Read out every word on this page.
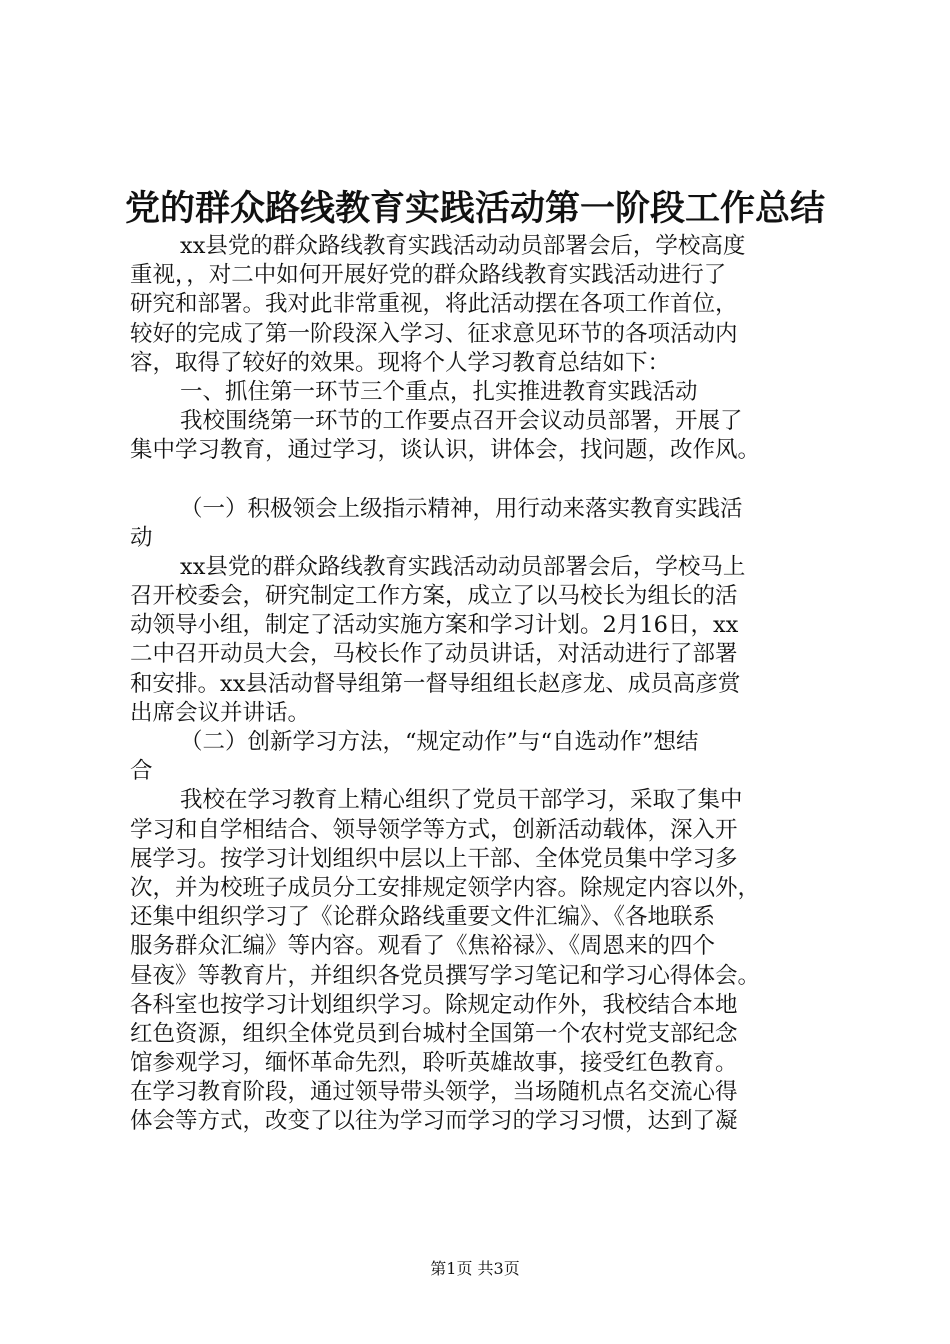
党的群众路线教育实践活动第一阶段工作总结
xx县党的群众路线教育实践活动动员部署会后，学校高度
重视，，对二中如何开展好党的群众路线教育实践活动进行了
研究和部署。我对此非常重视，将此活动摆在各项工作首位，
较好的完成了第一阶段深入学习、征求意见环节的各项活动内
容，取得了较好的效果。现将个人学习教育总结如下：
一、抓住第一环节三个重点，扎实推进教育实践活动
我校围绕第一环节的工作要点召开会议动员部署，开展了
集中学习教育，通过学习，谈认识，讲体会，找问题，改作风。
（一）积极领会上级指示精神，用行动来落实教育实践活
动
xx县党的群众路线教育实践活动动员部署会后，学校马上
召开校委会，研究制定工作方案，成立了以马校长为组长的活
动领导小组，制定了活动实施方案和学习计划。2月16日，xx
二中召开动员大会，马校长作了动员讲话，对活动进行了部署
和安排。xx县活动督导组第一督导组组长赵彦龙、成员高彦赏
出席会议并讲话。
（二）创新学习方法，“规定动作”与“自选动作”想结
合
我校在学习教育上精心组织了党员干部学习，采取了集中
学习和自学相结合、领导领学等方式，创新活动载体，深入开
展学习。按学习计划组织中层以上干部、全体党员集中学习多
次，并为校班子成员分工安排规定领学内容。除规定内容以外，
还集中组织学习了《论群众路线重要文件汇编》、《各地联系
服务群众汇编》等内容。观看了《焦裕禄》、《周恩来的四个
昼夜》等教育片，并组织各党员撰写学习笔记和学习心得体会。
各科室也按学习计划组织学习。除规定动作外，我校结合本地
红色资源，组织全体党员到台城村全国第一个农村党支部纪念
馆参观学习，缅怀革命先烈，聆听英雄故事，接受红色教育。
在学习教育阶段，通过领导带头领学，当场随机点名交流心得
体会等方式，改变了以往为学习而学习的学习习惯，达到了凝
第1页 共3页
